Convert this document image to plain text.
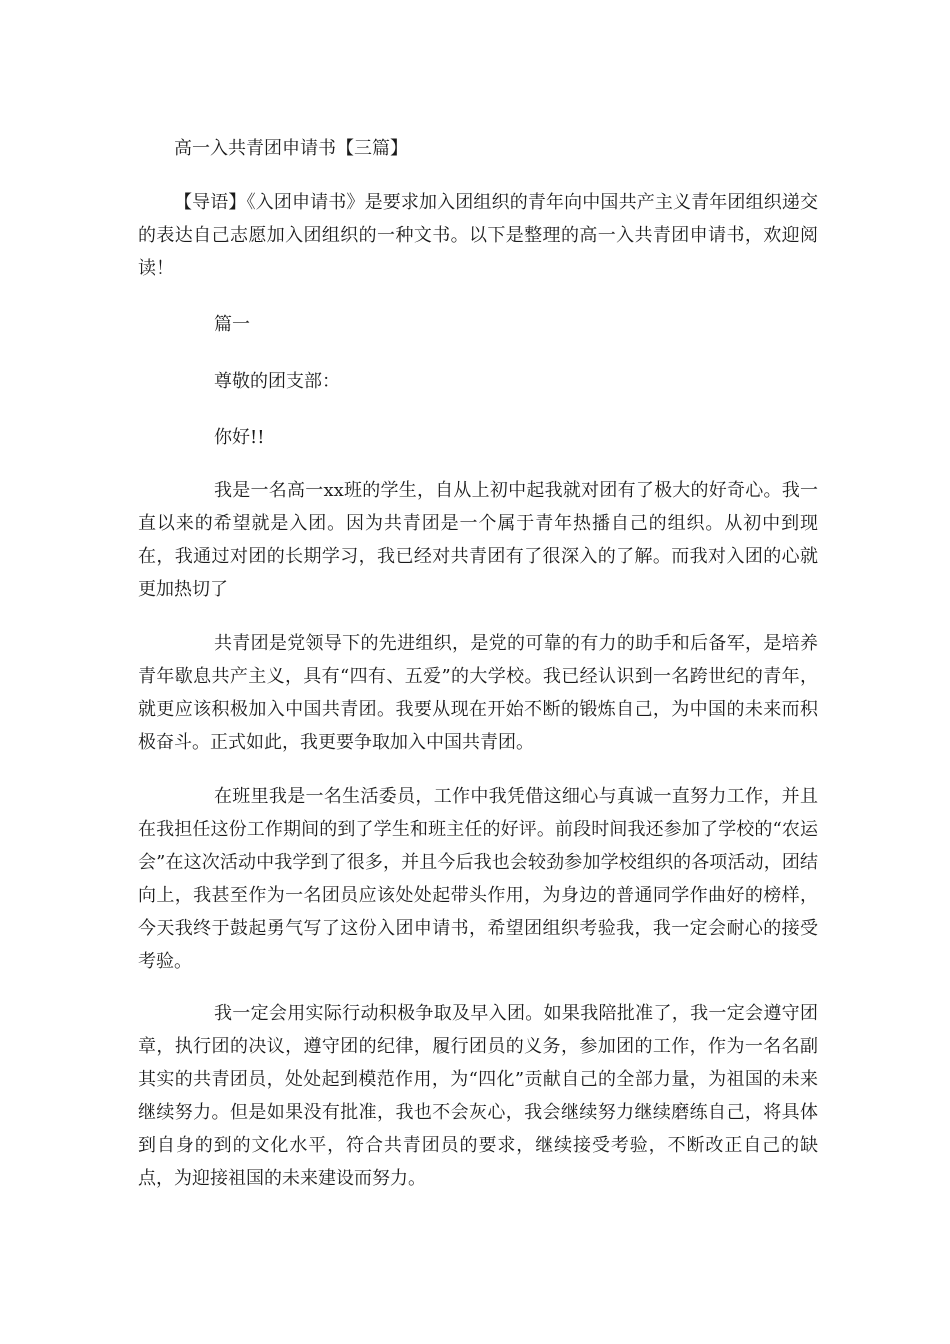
高一入共青团申请书【三篇】

【导语】《入团申请书》是要求加入团组织的青年向中国共产主义青年团组织递交的表达自己志愿加入团组织的一种文书。以下是整理的高一入共青团申请书，欢迎阅读！

篇一
尊敬的团支部：
你好!!

我是一名高一xx班的学生，自从上初中起我就对团有了极大的好奇心。我一直以来的希望就是入团。因为共青团是一个属于青年热播自己的组织。从初中到现在，我通过对团的长期学习，我已经对共青团有了很深入的了解。而我对入团的心就更加热切了

共青团是党领导下的先进组织，是党的可靠的有力的助手和后备军，是培养青年歇息共产主义，具有“四有、五爱”的大学校。我已经认识到一名跨世纪的青年，就更应该积极加入中国共青团。我要从现在开始不断的锻炼自己，为中国的未来而积极奋斗。正式如此，我更要争取加入中国共青团。

在班里我是一名生活委员，工作中我凭借这细心与真诚一直努力工作，并且在我担任这份工作期间的到了学生和班主任的好评。前段时间我还参加了学校的“农运会”在这次活动中我学到了很多，并且今后我也会较劲参加学校组织的各项活动，团结向上，我甚至作为一名团员应该处处起带头作用，为身边的普通同学作曲好的榜样，今天我终于鼓起勇气写了这份入团申请书，希望团组织考验我，我一定会耐心的接受考验。

我一定会用实际行动积极争取及早入团。如果我陪批准了，我一定会遵守团章，执行团的决议，遵守团的纪律，履行团员的义务，参加团的工作，作为一名名副其实的共青团员，处处起到模范作用，为“四化”贡献自己的全部力量，为祖国的未来继续努力。但是如果没有批准，我也不会灰心，我会继续努力继续磨练自己，将具体到自身的到的文化水平，符合共青团员的要求，继续接受考验，不断改正自己的缺点，为迎接祖国的未来建设而努力。
